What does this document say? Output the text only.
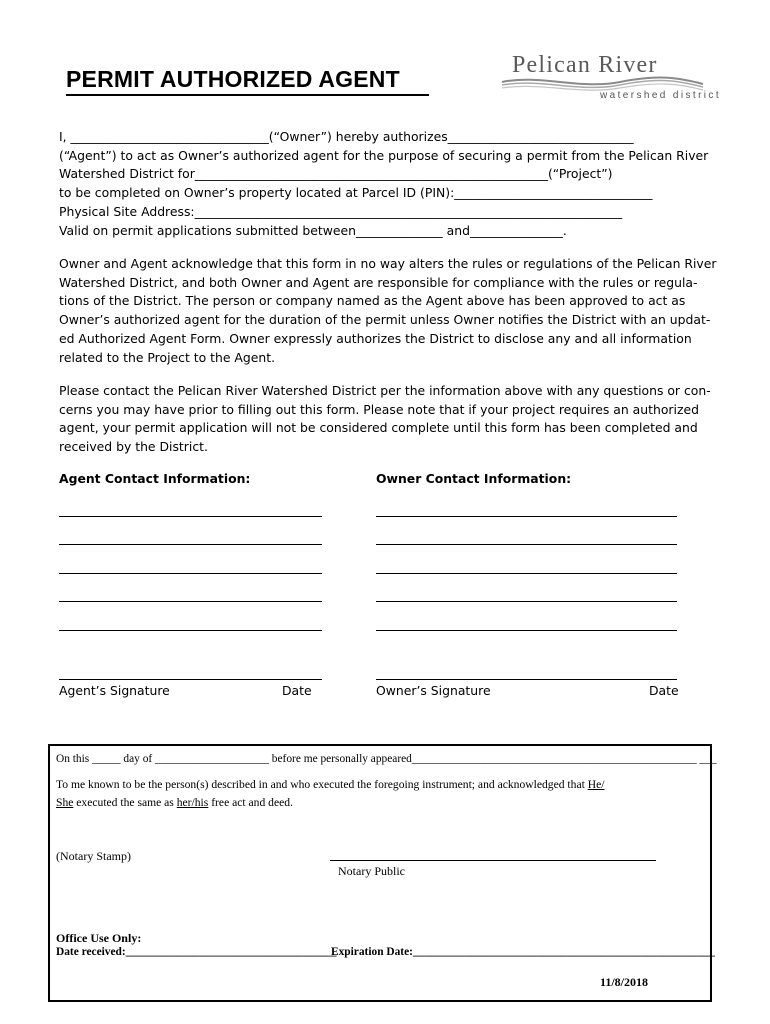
PERMIT AUTHORIZED AGENT
Pelican River
watershed district

I, ________________________________(“Owner”) hereby authorizes______________________________

(“Agent”) to act as Owner’s authorized agent for the purpose of securing a permit from the Pelican River

Watershed District for_________________________________________________________(“Project”)

to be completed on Owner’s property located at Parcel ID (PIN):________________________________

Physical Site Address:_____________________________________________________________________

Valid on permit applications submitted between______________ and_______________.

Owner and Agent acknowledge that this form in no way alters the rules or regulations of the Pelican River

Watershed District, and both Owner and Agent are responsible for compliance with the rules or regula-

tions of the District. The person or company named as the Agent above has been approved to act as

Owner’s authorized agent for the duration of the permit unless Owner notifies the District with an updat-

ed Authorized Agent Form. Owner expressly authorizes the District to disclose any and all information

related to the Project to the Agent.

Please contact the Pelican River Watershed District per the information above with any questions or con-

cerns you may have prior to filling out this form. Please note that if your project requires an authorized

agent, your permit application will not be considered complete until this form has been completed and

received by the District.

Agent Contact Information:	Owner Contact Information:
Agent’s Signature	Date	Owner’s Signature	Date
On this _____ day of ____________________ before me personally appeared__________________________________________________ ___
To me known to be the person(s) described in and who executed the foregoing instrument; and acknowledged that He/
She executed the same as her/his free act and deed.
(Notary Stamp)
Notary Public
Office Use Only:
Date received:_____________________________________
Expiration Date:_____________________________________________________
11/8/2018
